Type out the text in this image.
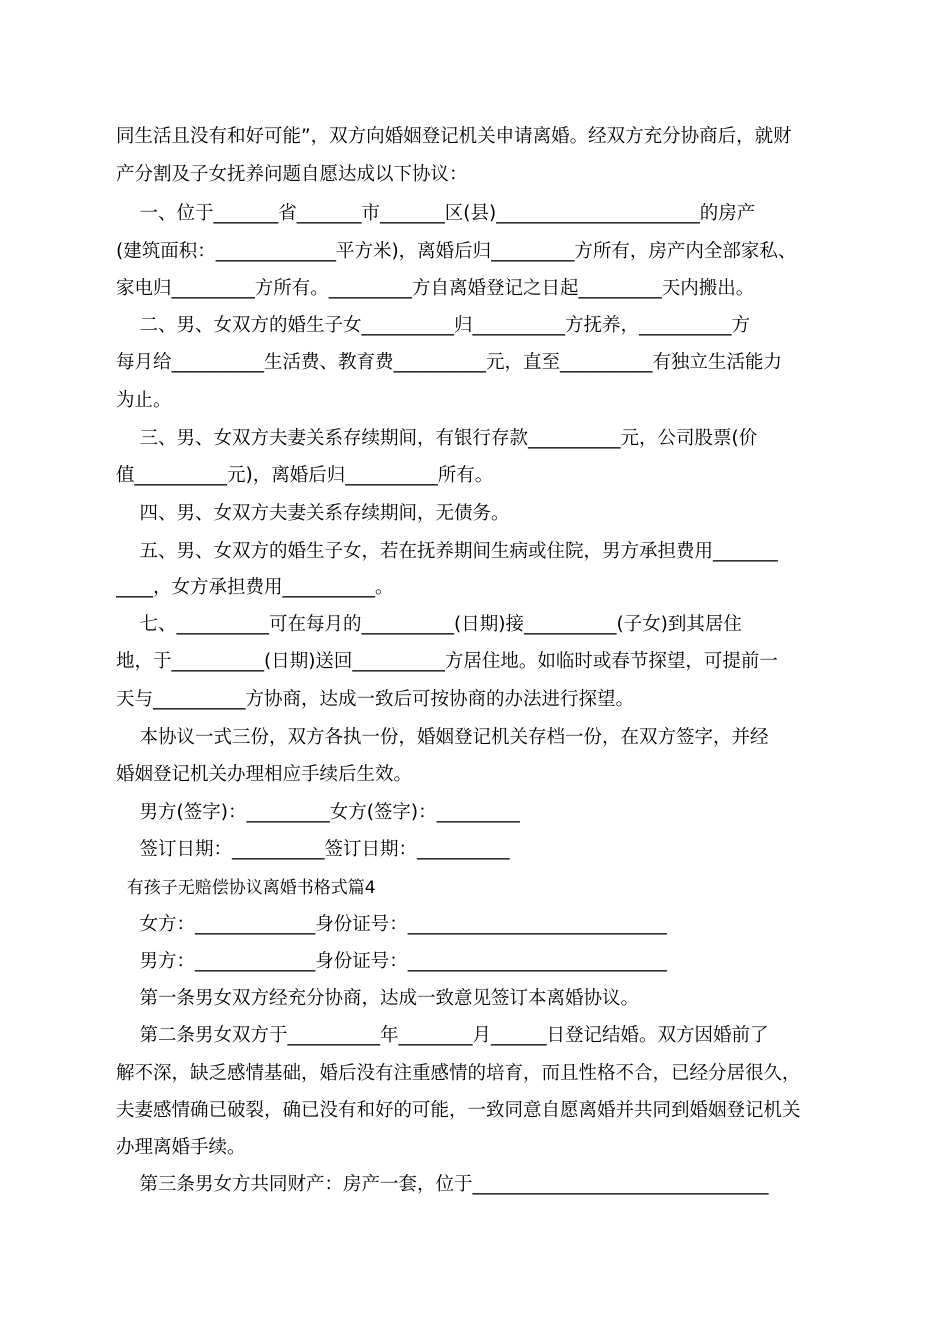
同生活且没有和好可能”，双方向婚姻登记机关申请离婚。经双方充分协商后，就财
产分割及子女抚养问题自愿达成以下协议：
一、位于_______省_______市_______区(县)______________________的房产
(建筑面积：_____________平方米)，离婚后归_________方所有，房产内全部家私、
家电归_________方所有。_________方自离婚登记之日起_________天内搬出。
二、男、女双方的婚生子女__________归__________方抚养，__________方
每月给__________生活费、教育费__________元，直至__________有独立生活能力
为止。
三、男、女双方夫妻关系存续期间，有银行存款__________元，公司股票(价
值__________元)，离婚后归__________所有。
四、男、女双方夫妻关系存续期间，无债务。
五、男、女双方的婚生子女，若在抚养期间生病或住院，男方承担费用_______
____，女方承担费用__________。
七、__________可在每月的__________(日期)接__________(子女)到其居住
地，于__________(日期)送回__________方居住地。如临时或春节探望，可提前一
天与__________方协商，达成一致后可按协商的办法进行探望。
本协议一式三份，双方各执一份，婚姻登记机关存档一份，在双方签字，并经
婚姻登记机关办理相应手续后生效。
男方(签字)：_________女方(签字)：_________
签订日期：__________签订日期：__________
有孩子无赔偿协议离婚书格式篇4
女方：_____________身份证号：____________________________
男方：_____________身份证号：____________________________
第一条男女双方经充分协商，达成一致意见签订本离婚协议。
第二条男女双方于__________年________月______日登记结婚。双方因婚前了
解不深，缺乏感情基础，婚后没有注重感情的培育，而且性格不合，已经分居很久，
夫妻感情确已破裂，确已没有和好的可能，一致同意自愿离婚并共同到婚姻登记机关
办理离婚手续。
第三条男女方共同财产：房产一套，位于________________________________
